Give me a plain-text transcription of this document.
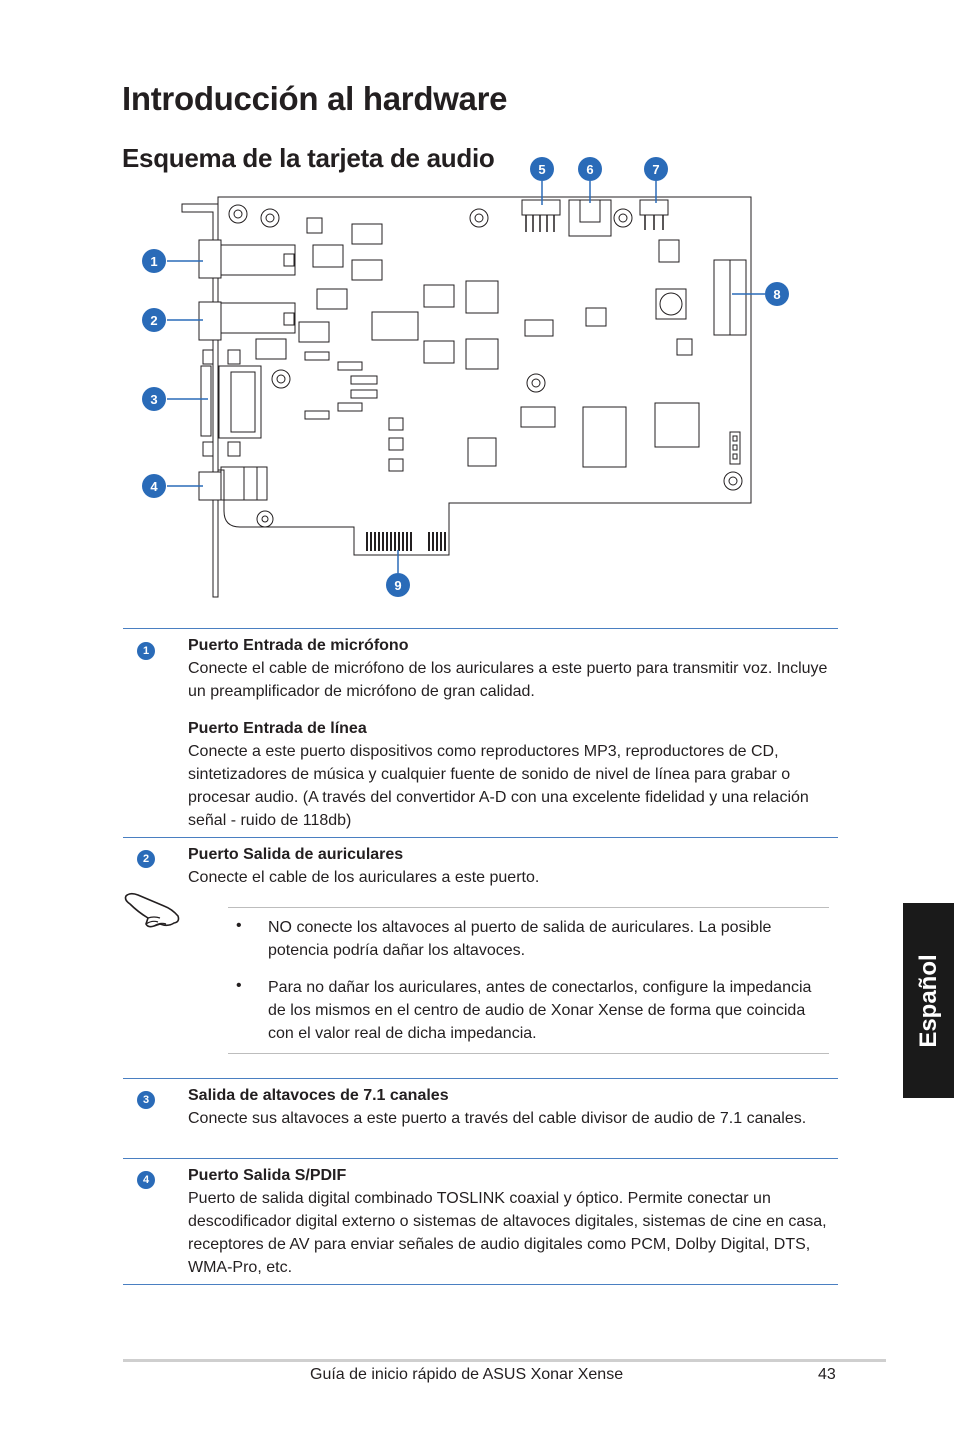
Introducción al hardware
Esquema de la tarjeta de audio
1
2
3
4
5	6	7
8
9
1	Puerto Entrada de micrófono
Conecte el cable de micrófono de los auriculares a este puerto para transmitir voz. Incluye un preamplificador de micrófono de gran calidad.
Puerto Entrada de línea
Conecte a este puerto dispositivos como reproductores MP3, reproductores de CD, sintetizadores de música y cualquier fuente de sonido de nivel de línea para grabar o procesar audio. (A través del convertidor A-D con una excelente fidelidad y una relación señal - ruido de 118db)
2	Puerto Salida de auriculares
Conecte el cable de los auriculares a este puerto.
• NO conecte los altavoces al puerto de salida de auriculares. La posible potencia podría dañar los altavoces.
• Para no dañar los auriculares, antes de conectarlos, configure la impedancia de los mismos en el centro de audio de Xonar Xense de forma que coincida con el valor real de dicha impedancia.
3	Salida de altavoces de 7.1 canales
Conecte sus altavoces a este puerto a través del cable divisor de audio de 7.1 canales.
4	Puerto Salida S/PDIF
Puerto de salida digital combinado TOSLINK coaxial y óptico. Permite conectar un descodificador digital externo o sistemas de altavoces digitales, sistemas de cine en casa, receptores de AV para enviar señales de audio digitales como PCM, Dolby Digital, DTS, WMA-Pro, etc.
Español
Guía de inicio rápido de ASUS Xonar Xense	43
